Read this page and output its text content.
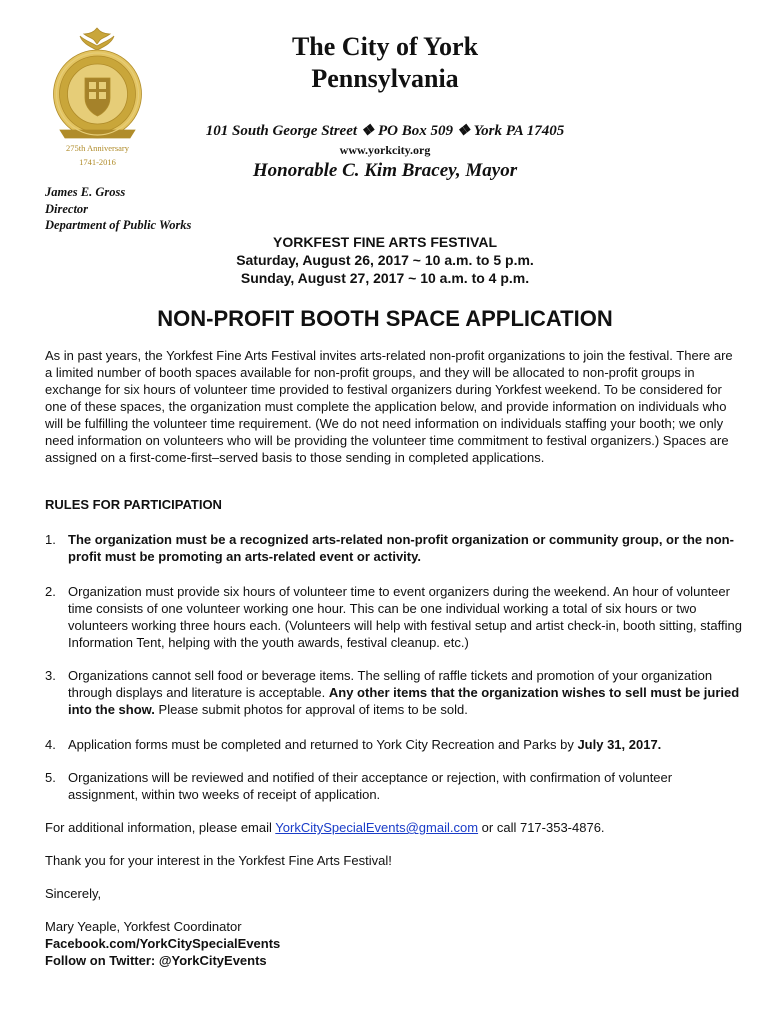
275th Anniversary
1741-2016
The City of York
Pennsylvania
101 South George Street ❖ PO Box 509 ❖ York PA 17405
www.yorkcity.org
Honorable C. Kim Bracey, Mayor
James E. Gross
Director
Department of Public Works
YORKFEST FINE ARTS FESTIVAL
Saturday, August 26, 2017 ~ 10 a.m. to 5 p.m.
Sunday, August 27, 2017 ~ 10 a.m. to 4 p.m.
NON-PROFIT BOOTH SPACE APPLICATION

As in past years, the Yorkfest Fine Arts Festival invites arts-related non-profit organizations to join the festival. There are a limited number of booth spaces available for non-profit groups, and they will be allocated to non-profit groups in exchange for six hours of volunteer time provided to festival organizers during Yorkfest weekend. To be considered for one of these spaces, the organization must complete the application below, and provide information on individuals who will be fulfilling the volunteer time requirement. (We do not need information on individuals staffing your booth; we only need information on volunteers who will be providing the volunteer time commitment to festival organizers.) Spaces are assigned on a first-come-first–served basis to those sending in completed applications.

RULES FOR PARTICIPATION
1. The organization must be a recognized arts-related non-profit organization or community group, or the non-profit must be promoting an arts-related event or activity.
2. Organization must provide six hours of volunteer time to event organizers during the weekend. An hour of volunteer time consists of one volunteer working one hour. This can be one individual working a total of six hours or two volunteers working three hours each. (Volunteers will help with festival setup and artist check-in, booth sitting, staffing Information Tent, helping with the youth awards, festival cleanup. etc.)
3. Organizations cannot sell food or beverage items. The selling of raffle tickets and promotion of your organization through displays and literature is acceptable. Any other items that the organization wishes to sell must be juried into the show. Please submit photos for approval of items to be sold.
4. Application forms must be completed and returned to York City Recreation and Parks by July 31, 2017.
5. Organizations will be reviewed and notified of their acceptance or rejection, with confirmation of volunteer assignment, within two weeks of receipt of application.
For additional information, please email YorkCitySpecialEvents@gmail.com or call 717-353-4876.
Thank you for your interest in the Yorkfest Fine Arts Festival!
Sincerely,
Mary Yeaple, Yorkfest Coordinator
Facebook.com/YorkCitySpecialEvents
Follow on Twitter: @YorkCityEvents
